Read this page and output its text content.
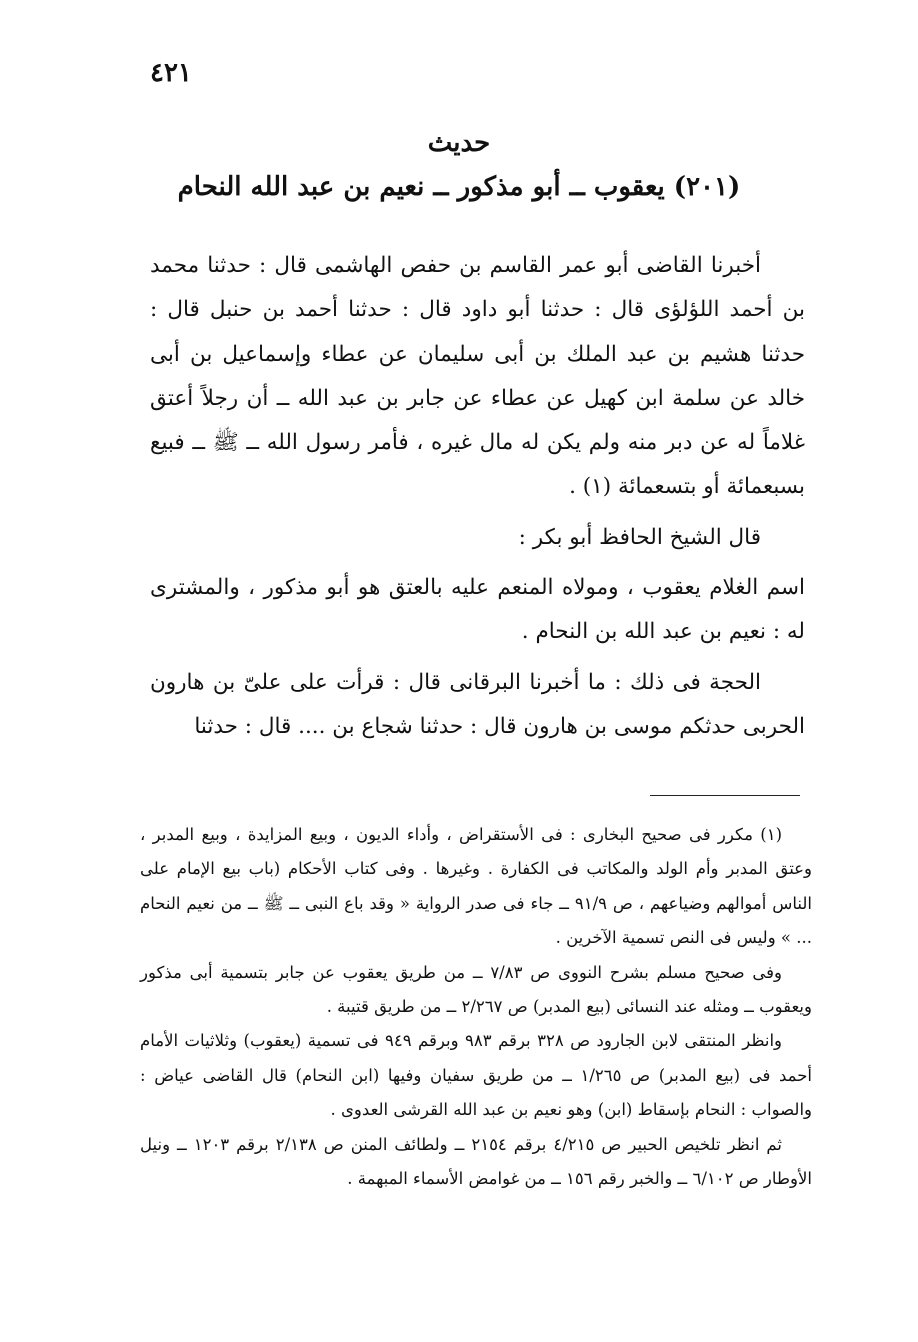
٤٢١
حديث
(٢٠١) يعقوب ــ أبو مذكور ــ نعيم بن عبد الله النحام

أخبرنا القاضى أبو عمر القاسم بن حفص الهاشمى قال : حدثنا محمد بن أحمد اللؤلؤى قال : حدثنا أبو داود قال : حدثنا أحمد بن حنبل قال : حدثنا هشيم بن عبد الملك بن أبى سليمان عن عطاء وإسماعيل بن أبى خالد عن سلمة ابن كهيل عن عطاء عن جابر بن عبد الله ــ أن رجلاً أعتق غلاماً له عن دبر منه ولم يكن له مال غيره ، فأمر رسول الله ــ ﷺ ــ فبيع بسبعمائة أو بتسعمائة (١) .

قال الشيخ الحافظ أبو بكر :

اسم الغلام يعقوب ، ومولاه المنعم عليه بالعتق هو أبو مذكور ، والمشترى له : نعيم بن عبد الله بن النحام .

الحجة فى ذلك : ما أخبرنا البرقانى قال : قرأت على علىّ بن هارون الحربى حدثكم موسى بن هارون قال : حدثنا شجاع بن .... قال : حدثنا

(١) مكرر فى صحيح البخارى : فى الأستقراض ، وأداء الديون ، وبيع المزايدة ، وبيع المدبر ، وعتق المدبر وأم الولد والمكاتب فى الكفارة . وغيرها . وفى كتاب الأحكام (باب بيع الإمام على الناس أموالهم وضياعهم ، ص ٩١/٩ ــ جاء فى صدر الرواية « وقد باع النبى ــ ﷺ ــ من نعيم النحام ... » وليس فى النص تسمية الآخرين .

وفى صحيح مسلم بشرح النووى ص ٧/٨٣ ــ من طريق يعقوب عن جابر بتسمية أبى مذكور ويعقوب ــ ومثله عند النسائى (بيع المدبر) ص ٢/٢٦٧ ــ من طريق قتيبة .

وانظر المنتقى لابن الجارود ص ٣٢٨ برقم ٩٨٣ وبرقم ٩٤٩ فى تسمية (يعقوب) وثلاثيات الأمام أحمد فى (بيع المدبر) ص ١/٢٦٥ ــ من طريق سفيان وفيها (ابن النحام) قال القاضى عياض : والصواب : النحام بإسقاط (ابن) وهو نعيم بن عبد الله القرشى العدوى .

ثم انظر تلخيص الحبير ص ٤/٢١٥ برقم ٢١٥٤ ــ ولطائف المنن ص ٢/١٣٨ برقم ١٢٠٣ ــ ونيل الأوطار ص ٦/١٠٢ ــ والخبر رقم ١٥٦ ــ من غوامض الأسماء المبهمة .
